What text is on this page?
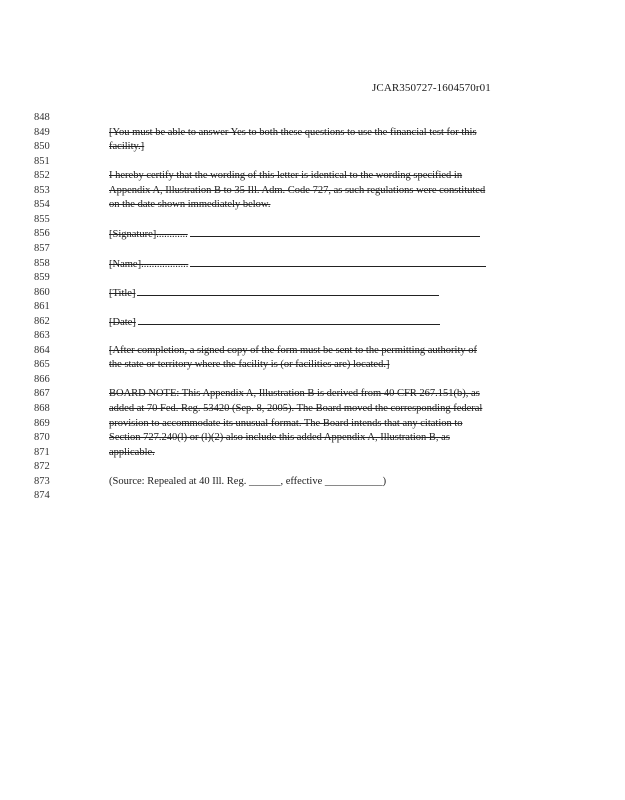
JCAR350727-1604570r01
848
849	[You must be able to answer Yes to both these questions to use the financial test for this
850	facility.]
851
852	I hereby certify that the wording of this letter is identical to the wording specified in
853	Appendix A, Illustration B to 35 Ill. Adm. Code 727, as such regulations were constituted
854	on the date shown immediately below.
855
856	[Signature]............
857
858	[Name]..................
859
860	[Title]
861
862	[Date]
863
864	[After completion, a signed copy of the form must be sent to the permitting authority of
865	the state or territory where the facility is (or facilities are) located.]
866
867	BOARD NOTE: This Appendix A, Illustration B is derived from 40 CFR 267.151(b), as
868	added at 70 Fed. Reg. 53420 (Sep. 8, 2005). The Board moved the corresponding federal
869	provision to accommodate its unusual format. The Board intends that any citation to
870	Section 727.240(l) or (l)(2) also include this added Appendix A, Illustration B, as
871	applicable.
872
873	(Source: Repealed at 40 Ill. Reg. ______, effective ___________)
874
